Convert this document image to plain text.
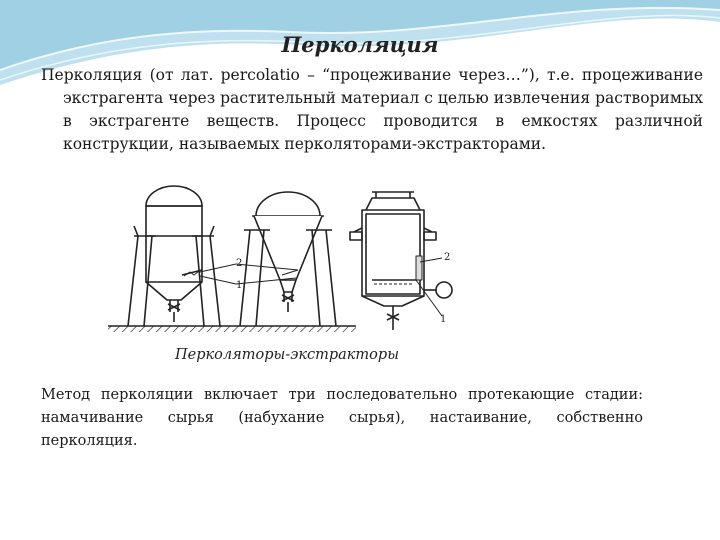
Перколяция
Перколяция (от лат. percolatio – “процеживание через…”), т.е. процеживание экстрагента через растительный материал с целью извлечения растворимых в экстрагенте веществ. Процесс проводится в емкостях различной конструкции, называемых перколяторами-экстракторами.
2
1
2
1
Перколяторы-экстракторы
Метод перколяции включает три последовательно протекающие стадии: намачивание сырья (набухание сырья), настаивание, собственно перколяция.
